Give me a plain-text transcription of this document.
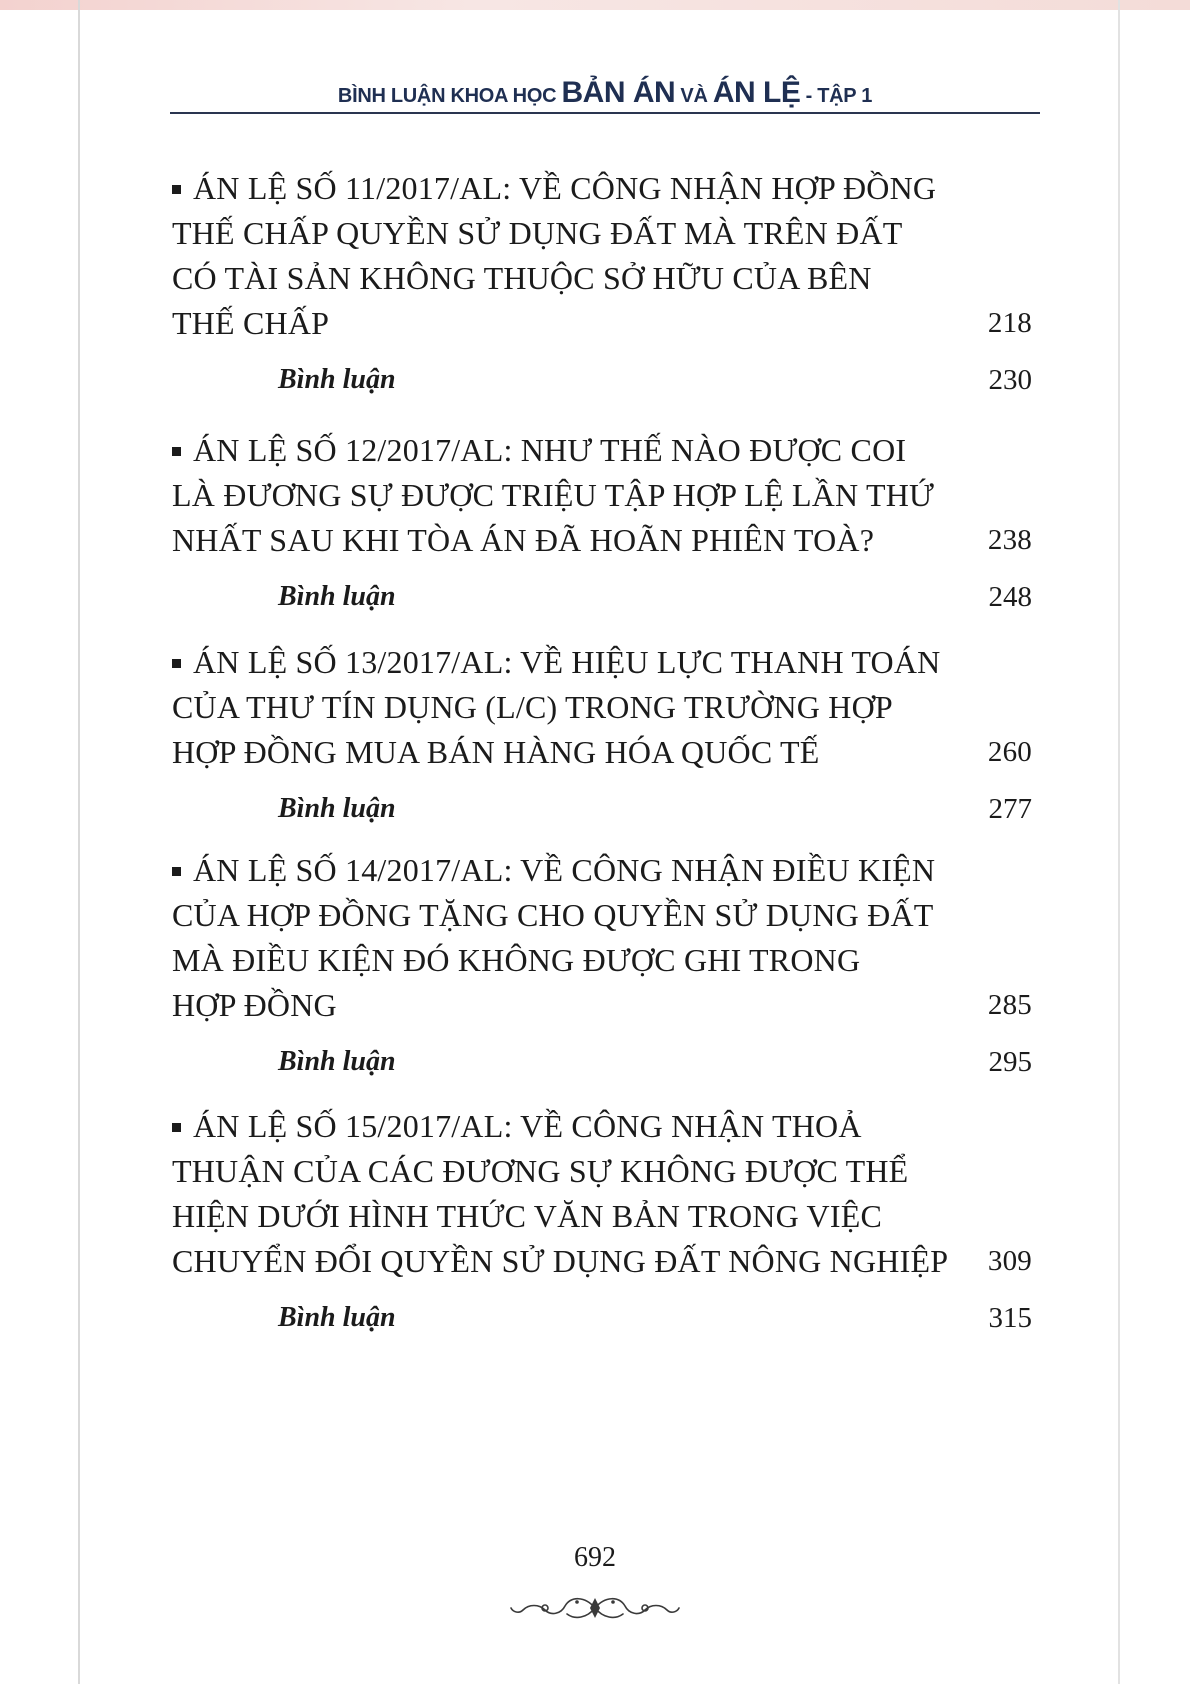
BÌNH LUẬN KHOA HỌC BẢN ÁN VÀ ÁN LỆ - TẬP 1
ÁN LỆ SỐ 11/2017/AL: VỀ CÔNG NHẬN HỢP ĐỒNG
THẾ CHẤP QUYỀN SỬ DỤNG ĐẤT MÀ TRÊN ĐẤT
CÓ TÀI SẢN KHÔNG THUỘC SỞ HỮU CỦA BÊN
THẾ CHẤP	218
Bình luận	230
ÁN LỆ SỐ 12/2017/AL: NHƯ THẾ NÀO ĐƯỢC COI
LÀ ĐƯƠNG SỰ ĐƯỢC TRIỆU TẬP HỢP LỆ LẦN THỨ
NHẤT SAU KHI TÒA ÁN ĐÃ HOÃN PHIÊN TOÀ?	238
Bình luận	248
ÁN LỆ SỐ 13/2017/AL: VỀ HIỆU LỰC THANH TOÁN
CỦA THƯ TÍN DỤNG (L/C) TRONG TRƯỜNG HỢP
HỢP ĐỒNG MUA BÁN HÀNG HÓA QUỐC TẾ	260
Bình luận	277
ÁN LỆ SỐ 14/2017/AL: VỀ CÔNG NHẬN ĐIỀU KIỆN
CỦA HỢP ĐỒNG TẶNG CHO QUYỀN SỬ DỤNG ĐẤT
MÀ ĐIỀU KIỆN ĐÓ KHÔNG ĐƯỢC GHI TRONG
HỢP ĐỒNG	285
Bình luận	295
ÁN LỆ SỐ 15/2017/AL: VỀ CÔNG NHẬN THOẢ
THUẬN CỦA CÁC ĐƯƠNG SỰ KHÔNG ĐƯỢC THỂ
HIỆN DƯỚI HÌNH THỨC VĂN BẢN TRONG VIỆC
CHUYỂN ĐỔI QUYỀN SỬ DỤNG ĐẤT NÔNG NGHIỆP	309
Bình luận	315
692
